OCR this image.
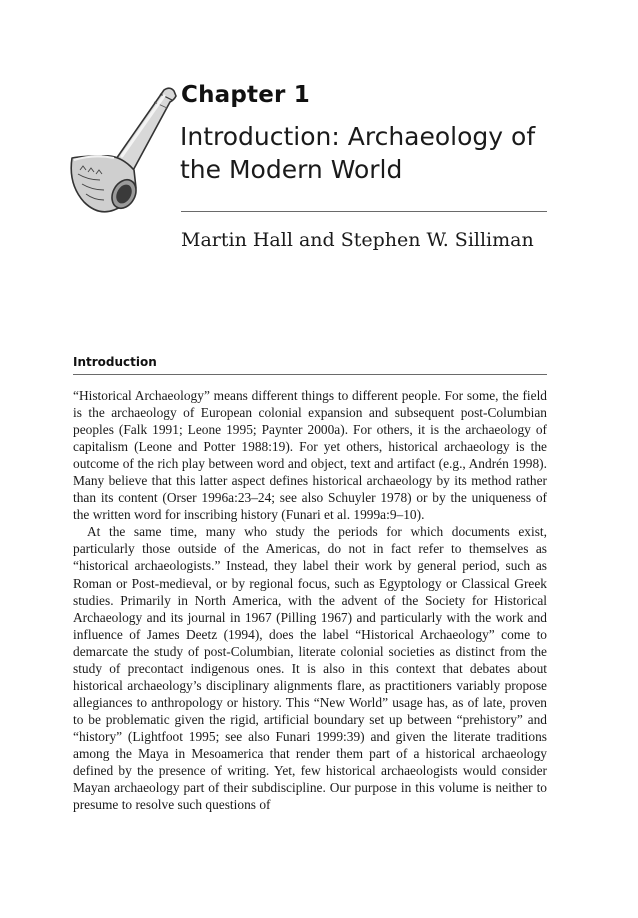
Chapter 1
Introduction: Archaeology of the Modern World
Martin Hall and Stephen W. Silliman
Introduction

“Historical Archaeology” means different things to different people. For some, the field is the archaeology of European colonial expansion and subsequent post-Columbian peoples (Falk 1991; Leone 1995; Paynter 2000a). For others, it is the archaeology of capitalism (Leone and Potter 1988:19). For yet others, historical archaeology is the outcome of the rich play between word and object, text and artifact (e.g., Andrén 1998). Many believe that this latter aspect defines historical archaeology by its method rather than its content (Orser 1996a:23–24; see also Schuyler 1978) or by the uniqueness of the written word for inscribing history (Funari et al. 1999a:9–10).

At the same time, many who study the periods for which documents exist, particularly those outside of the Americas, do not in fact refer to themselves as “historical archaeologists.” Instead, they label their work by general period, such as Roman or Post-medieval, or by regional focus, such as Egyptology or Classical Greek studies. Primarily in North America, with the advent of the Society for Historical Archaeology and its journal in 1967 (Pilling 1967) and particularly with the work and influence of James Deetz (1994), does the label “Historical Archaeology” come to demarcate the study of post-Columbian, literate colonial societies as distinct from the study of precontact indigenous ones. It is also in this context that debates about historical archaeology’s disciplinary alignments flare, as practitioners variably propose allegiances to anthropology or history. This “New World” usage has, as of late, proven to be problematic given the rigid, artificial boundary set up between “prehistory” and “history” (Lightfoot 1995; see also Funari 1999:39) and given the literate traditions among the Maya in Mesoamerica that render them part of a historical archaeology defined by the presence of writing. Yet, few historical archaeologists would consider Mayan archaeology part of their subdiscipline. Our purpose in this volume is neither to presume to resolve such questions of
